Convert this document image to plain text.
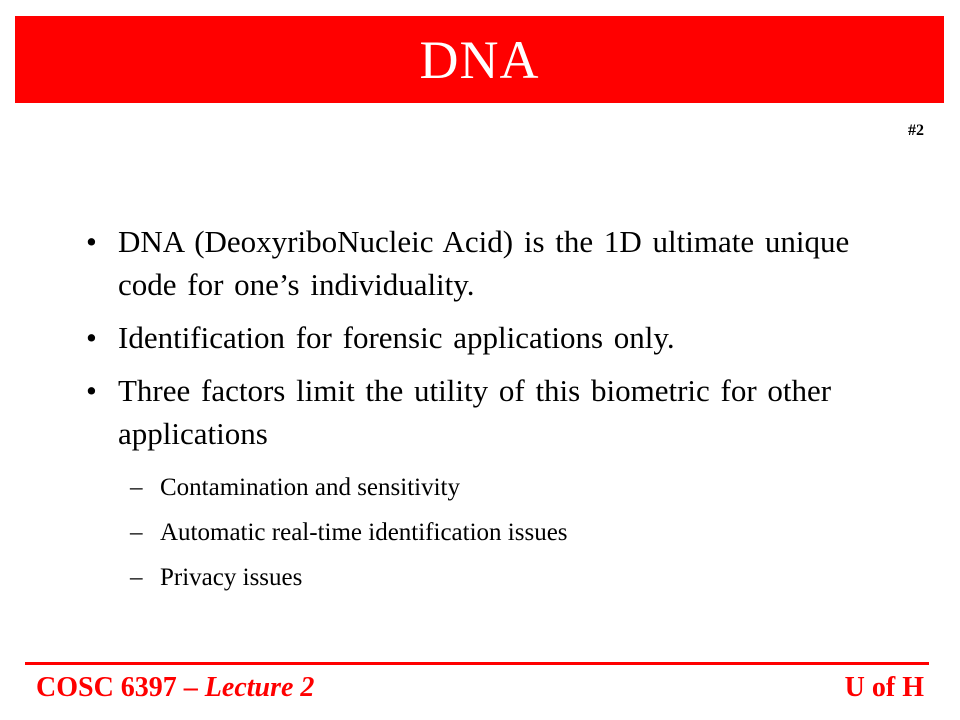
DNA
#2
• DNA (DeoxyriboNucleic Acid) is the 1D ultimate unique code for one’s individuality.
• Identification for forensic applications only.
• Three factors limit the utility of this biometric for other applications
– Contamination and sensitivity
– Automatic real-time identification issues
– Privacy issues
COSC 6397 – Lecture 2	U of H
